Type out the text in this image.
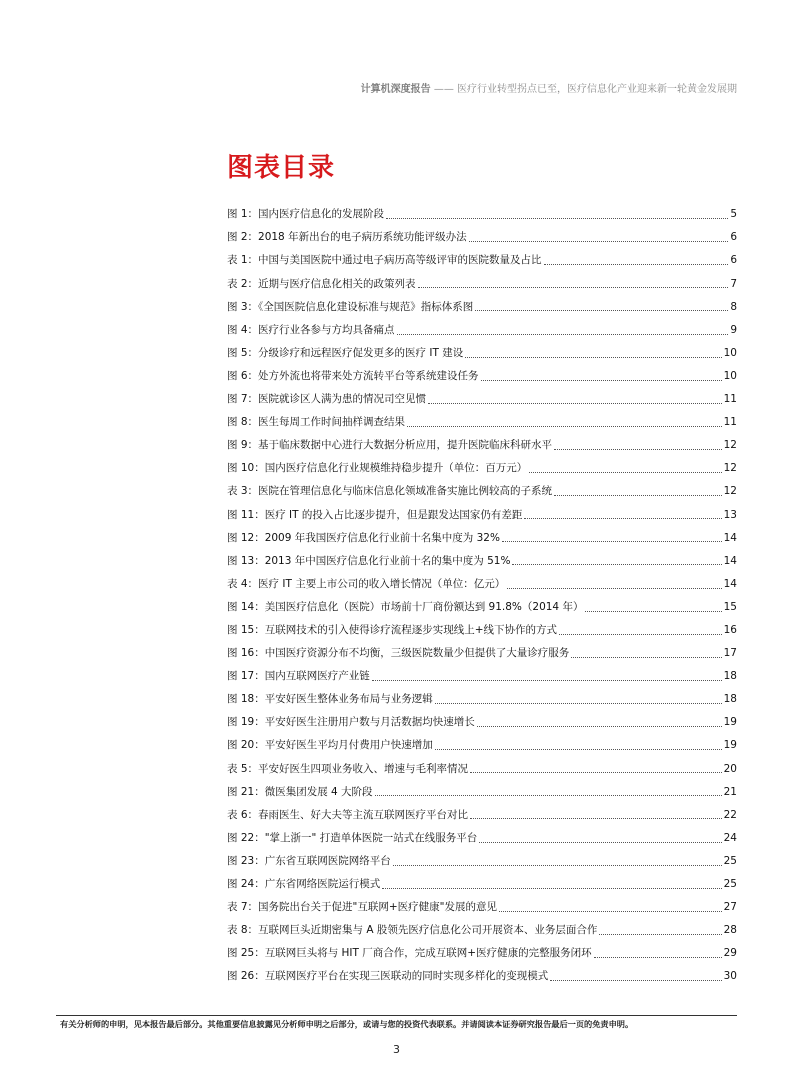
计算机深度报告 —— 医疗行业转型拐点已至，医疗信息化产业迎来新一轮黄金发展期
图表目录
图 1：国内医疗信息化的发展阶段	5
图 2：2018 年新出台的电子病历系统功能评级办法	6
表 1：中国与美国医院中通过电子病历高等级评审的医院数量及占比	6
表 2：近期与医疗信息化相关的政策列表	7
图 3：《全国医院信息化建设标准与规范》指标体系图	8
图 4：医疗行业各参与方均具备痛点	9
图 5：分级诊疗和远程医疗促发更多的医疗 IT 建设	10
图 6：处方外流也将带来处方流转平台等系统建设任务	10
图 7：医院就诊区人满为患的情况司空见惯	11
图 8：医生每周工作时间抽样调查结果	11
图 9：基于临床数据中心进行大数据分析应用，提升医院临床科研水平	12
图 10：国内医疗信息化行业规模维持稳步提升（单位：百万元）	12
表 3：医院在管理信息化与临床信息化领域准备实施比例较高的子系统	12
图 11：医疗 IT 的投入占比逐步提升，但是跟发达国家仍有差距	13
图 12：2009 年我国医疗信息化行业前十名集中度为 32%	14
图 13：2013 年中国医疗信息化行业前十名的集中度为 51%	14
表 4：医疗 IT 主要上市公司的收入增长情况（单位：亿元）	14
图 14：美国医疗信息化（医院）市场前十厂商份额达到 91.8%（2014 年）	15
图 15：互联网技术的引入使得诊疗流程逐步实现线上+线下协作的方式	16
图 16：中国医疗资源分布不均衡，三级医院数量少但提供了大量诊疗服务	17
图 17：国内互联网医疗产业链	18
图 18：平安好医生整体业务布局与业务逻辑	18
图 19：平安好医生注册用户数与月活数据均快速增长	19
图 20：平安好医生平均月付费用户快速增加	19
表 5：平安好医生四项业务收入、增速与毛利率情况	20
图 21：微医集团发展 4 大阶段	21
表 6：春雨医生、好大夫等主流互联网医疗平台对比	22
图 22："掌上浙一" 打造单体医院一站式在线服务平台	24
图 23：广东省互联网医院网络平台	25
图 24：广东省网络医院运行模式	25
表 7：国务院出台关于促进"互联网+医疗健康"发展的意见	27
表 8：互联网巨头近期密集与 A 股领先医疗信息化公司开展资本、业务层面合作	28
图 25：互联网巨头将与 HIT 厂商合作，完成互联网+医疗健康的完整服务闭环	29
图 26：互联网医疗平台在实现三医联动的同时实现多样化的变现模式	30
有关分析师的申明，见本报告最后部分。其他重要信息披露见分析师申明之后部分，或请与您的投资代表联系。并请阅读本证券研究报告最后一页的免责申明。
3
